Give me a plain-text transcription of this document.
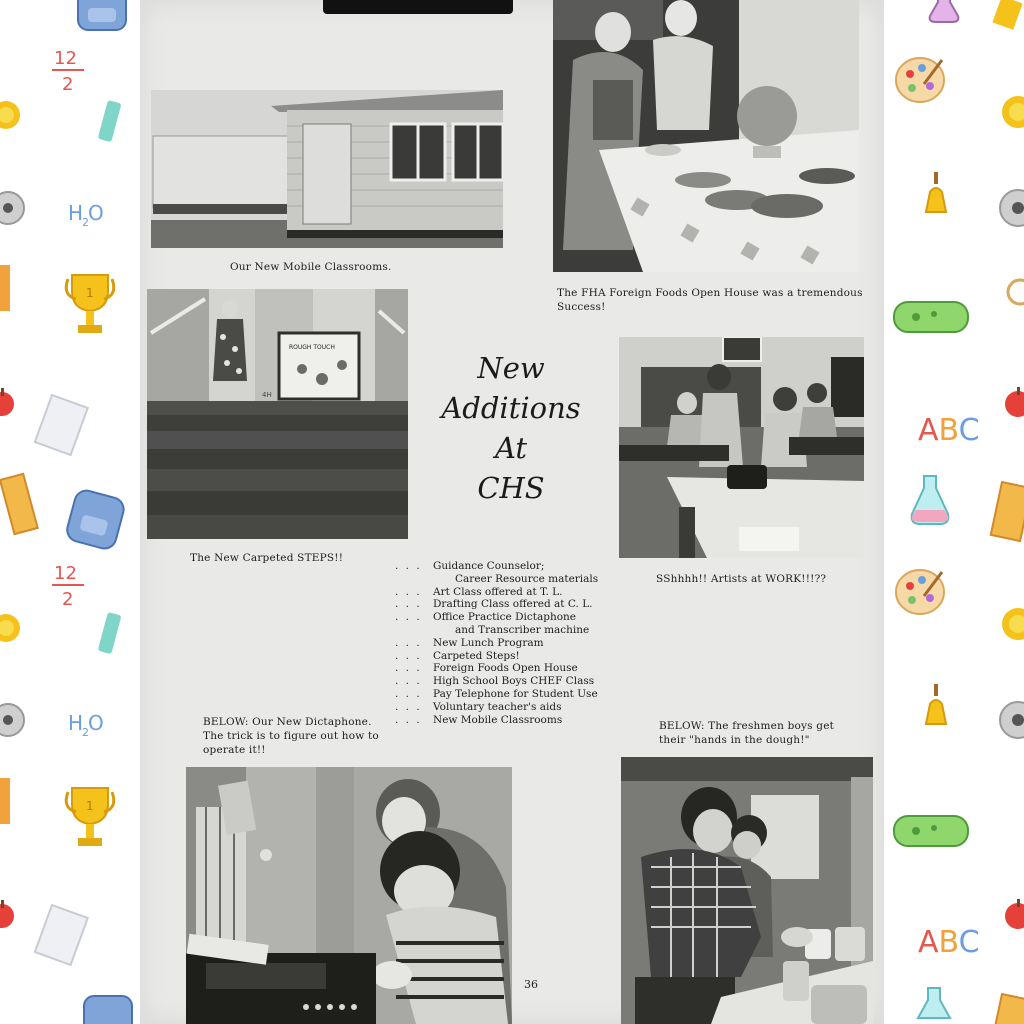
12
2
H
2 O
1
12
2
H
2 O
1
ABC
ABC
Our New Mobile Classrooms.
The FHA Foreign Foods Open House was a tremendous Success!
ROUGH TOUCH
4H
The New Carpeted STEPS!!
New
Additions
At
CHS
SShhhh!! Artists at WORK!!!??
. . . Guidance Counselor;
Career Resource materials
. . . Art Class offered at T. L.
. . . Drafting Class offered at C. L.
. . . Office Practice Dictaphone
and Transcriber machine
. . . New Lunch Program
. . . Carpeted Steps!
. . . Foreign Foods Open House
. . . High School Boys CHEF Class
. . . Pay Telephone for Student Use
. . . Voluntary teacher's aids
. . . New Mobile Classrooms
BELOW: Our New Dictaphone. The trick is to figure out how to operate it!!
BELOW: The freshmen boys get their "hands in the dough!"
36
